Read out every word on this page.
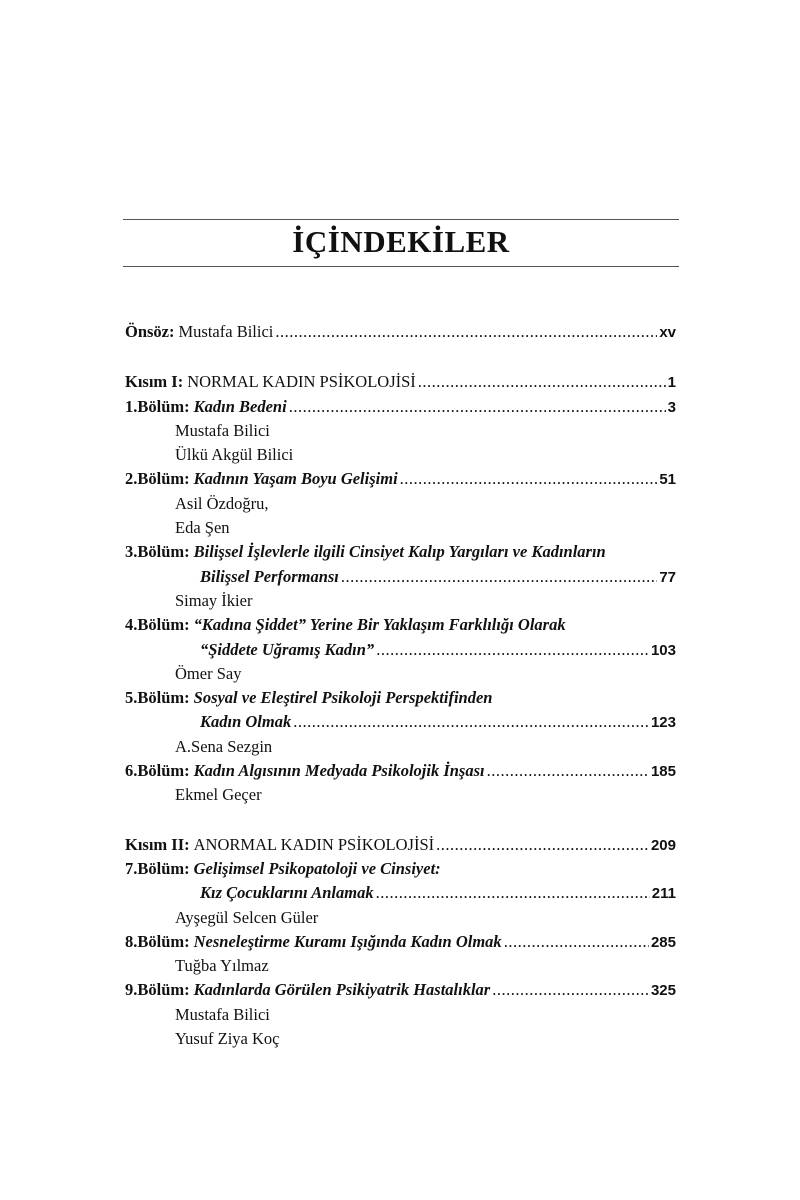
İÇİNDEKİLER
Önsöz: Mustafa Bilici .....	xv
Kısım I: NORMAL KADIN PSİKOLOJİSİ .....	1
1.Bölüm: Kadın Bedeni .....	3
Mustafa Bilici
Ülkü Akgül Bilici
2.Bölüm: Kadının Yaşam Boyu Gelişimi .....	51
Asil Özdoğru,
Eda Şen
3.Bölüm: Bilişsel İşlevlerle ilgili Cinsiyet Kalıp Yargıları ve Kadınların
Bilişsel Performansı .....	77
Simay İkier
4.Bölüm: “Kadına Şiddet” Yerine Bir Yaklaşım Farklılığı Olarak
“Şiddete Uğramış Kadın” .....	103
Ömer Say
5.Bölüm: Sosyal ve Eleştirel Psikoloji Perspektifinden
Kadın Olmak .....	123
A.Sena Sezgin
6.Bölüm: Kadın Algısının Medyada Psikolojik İnşası .....	185
Ekmel Geçer
Kısım II: ANORMAL KADIN PSİKOLOJİSİ .....	209
7.Bölüm: Gelişimsel Psikopatoloji ve Cinsiyet:
Kız Çocuklarını Anlamak .....	211
Ayşegül Selcen Güler
8.Bölüm: Nesneleştirme Kuramı Işığında Kadın Olmak .....	285
Tuğba Yılmaz
9.Bölüm: Kadınlarda Görülen Psikiyatrik Hastalıklar .....	325
Mustafa Bilici
Yusuf Ziya Koç
